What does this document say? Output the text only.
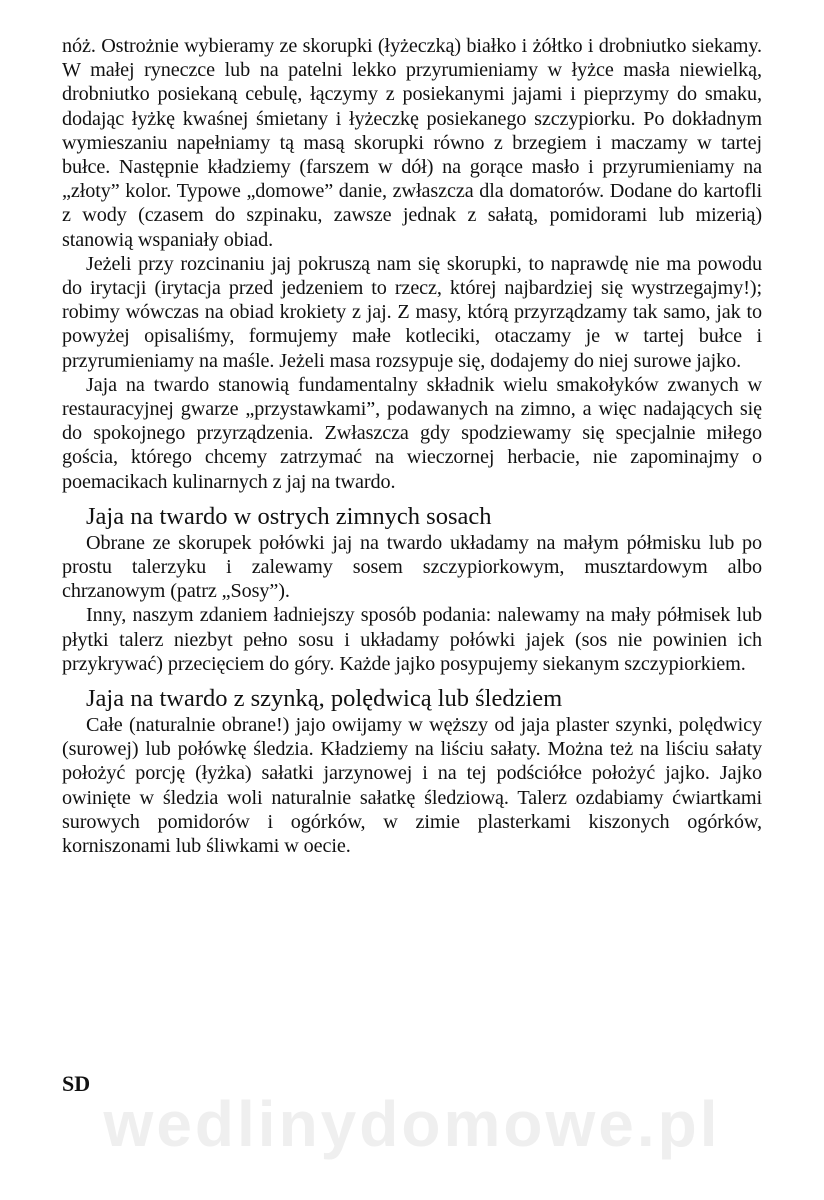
nóż. Ostrożnie wybieramy ze skorupki (łyżeczką) białko i żółtko i drobniutko siekamy. W małej ryneczce lub na patelni lekko przyrumieniamy w łyżce masła niewielką, drobniutko posiekaną cebulę, łączymy z posiekanymi jajami i pieprzymy do smaku, dodając łyżkę kwaśnej śmietany i łyżeczkę posiekanego szczypiorku. Po dokładnym wymieszaniu napełniamy tą masą skorupki równo z brzegiem i maczamy w tartej bułce. Następnie kładziemy (farszem w dół) na gorące masło i przyrumieniamy na „złoty” kolor. Typowe „domowe” danie, zwłaszcza dla domatorów. Dodane do kartofli z wody (czasem do szpinaku, zawsze jednak z sałatą, pomidorami lub mizerią) stanowią wspaniały obiad.

Jeżeli przy rozcinaniu jaj pokruszą nam się skorupki, to naprawdę nie ma powodu do irytacji (irytacja przed jedzeniem to rzecz, której najbardziej się wystrzegajmy!); robimy wówczas na obiad krokiety z jaj. Z masy, którą przyrządzamy tak samo, jak to powyżej opisaliśmy, formujemy małe kotleciki, otaczamy je w tartej bułce i przyrumieniamy na maśle. Jeżeli masa rozsypuje się, dodajemy do niej surowe jajko.

Jaja na twardo stanowią fundamentalny składnik wielu smakołyków zwanych w restauracyjnej gwarze „przystawkami”, podawanych na zimno, a więc nadających się do spokojnego przyrządzenia. Zwłaszcza gdy spodziewamy się specjalnie miłego gościa, którego chcemy zatrzymać na wieczornej herbacie, nie zapominajmy o poemacikach kulinarnych z jaj na twardo.

Jaja na twardo w ostrych zimnych sosach

Obrane ze skorupek połówki jaj na twardo układamy na małym półmisku lub po prostu talerzyku i zalewamy sosem szczypiorkowym, musztardowym albo chrzanowym (patrz „Sosy”).

Inny, naszym zdaniem ładniejszy sposób podania: nalewamy na mały półmisek lub płytki talerz niezbyt pełno sosu i układamy połówki jajek (sos nie powinien ich przykrywać) przecięciem do góry. Każde jajko posypujemy siekanym szczypiorkiem.

Jaja na twardo z szynką, polędwicą lub śledziem

Całe (naturalnie obrane!) jajo owijamy w węższy od jaja plaster szynki, polędwicy (surowej) lub połówkę śledzia. Kładziemy na liściu sałaty. Można też na liściu sałaty położyć porcję (łyżka) sałatki jarzynowej i na tej podściółce położyć jajko. Jajko owinięte w śledzia woli naturalnie sałatkę śledziową. Talerz ozdabiamy ćwiartkami surowych pomidorów i ogórków, w zimie plasterkami kiszonych ogórków, korniszonami lub śliwkami w oecie.

SD
wedlinydomowe.pl
